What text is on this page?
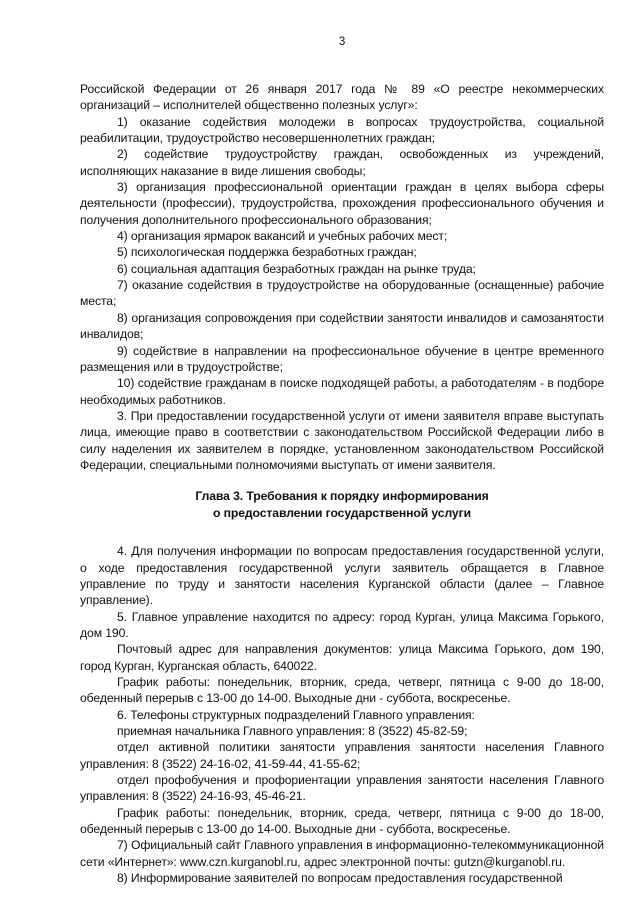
3

Российской Федерации от 26 января 2017 года № 89 «О реестре некоммерческих организаций – исполнителей общественно полезных услуг»:

1) оказание содействия молодежи в вопросах трудоустройства, социальной реабилитации, трудоустройство несовершеннолетних граждан;

2) содействие трудоустройству граждан, освобожденных из учреждений, исполняющих наказание в виде лишения свободы;

3) организация профессиональной ориентации граждан в целях выбора сферы деятельности (профессии), трудоустройства, прохождения профессионального обучения и получения дополнительного профессионального образования;

4) организация ярмарок вакансий и учебных рабочих мест;

5) психологическая поддержка безработных граждан;

6) социальная адаптация безработных граждан на рынке труда;

7) оказание содействия в трудоустройстве на оборудованные (оснащенные) рабочие места;

8) организация сопровождения при содействии занятости инвалидов и самозанятости инвалидов;

9) содействие в направлении на профессиональное обучение в центре временного размещения или в трудоустройстве;

10) содействие гражданам в поиске подходящей работы, а работодателям - в подборе необходимых работников.

3. При предоставлении государственной услуги от имени заявителя вправе выступать лица, имеющие право в соответствии с законодательством Российской Федерации либо в силу наделения их заявителем в порядке, установленном законодательством Российской Федерации, специальными полномочиями выступать от имени заявителя.

Глава 3. Требования к порядку информирования

о предоставлении государственной услуги

4. Для получения информации по вопросам предоставления государственной услуги, о ходе предоставления государственной услуги заявитель обращается в Главное управление по труду и занятости населения Курганской области (далее – Главное управление).

5. Главное управление находится по адресу: город Курган, улица Максима Горького, дом 190.

Почтовый адрес для направления документов: улица Максима Горького, дом 190, город Курган, Курганская область, 640022.

График работы: понедельник, вторник, среда, четверг, пятница с 9-00 до 18-00, обеденный перерыв с 13-00 до 14-00. Выходные дни - суббота, воскресенье.

6. Телефоны структурных подразделений Главного управления:

приемная начальника Главного управления: 8 (3522) 45-82-59;

отдел активной политики занятости управления занятости населения Главного управления: 8 (3522) 24-16-02, 41-59-44, 41-55-62;

отдел профобучения и профориентации управления занятости населения Главного управления: 8 (3522) 24-16-93, 45-46-21.

График работы: понедельник, вторник, среда, четверг, пятница с 9-00 до 18-00, обеденный перерыв с 13-00 до 14-00. Выходные дни - суббота, воскресенье.

7) Официальный сайт Главного управления в информационно-телекоммуникационной сети «Интернет»: www.czn.kurganobl.ru, адрес электронной почты: gutzn@kurganobl.ru.

8) Информирование заявителей по вопросам предоставления государственной
